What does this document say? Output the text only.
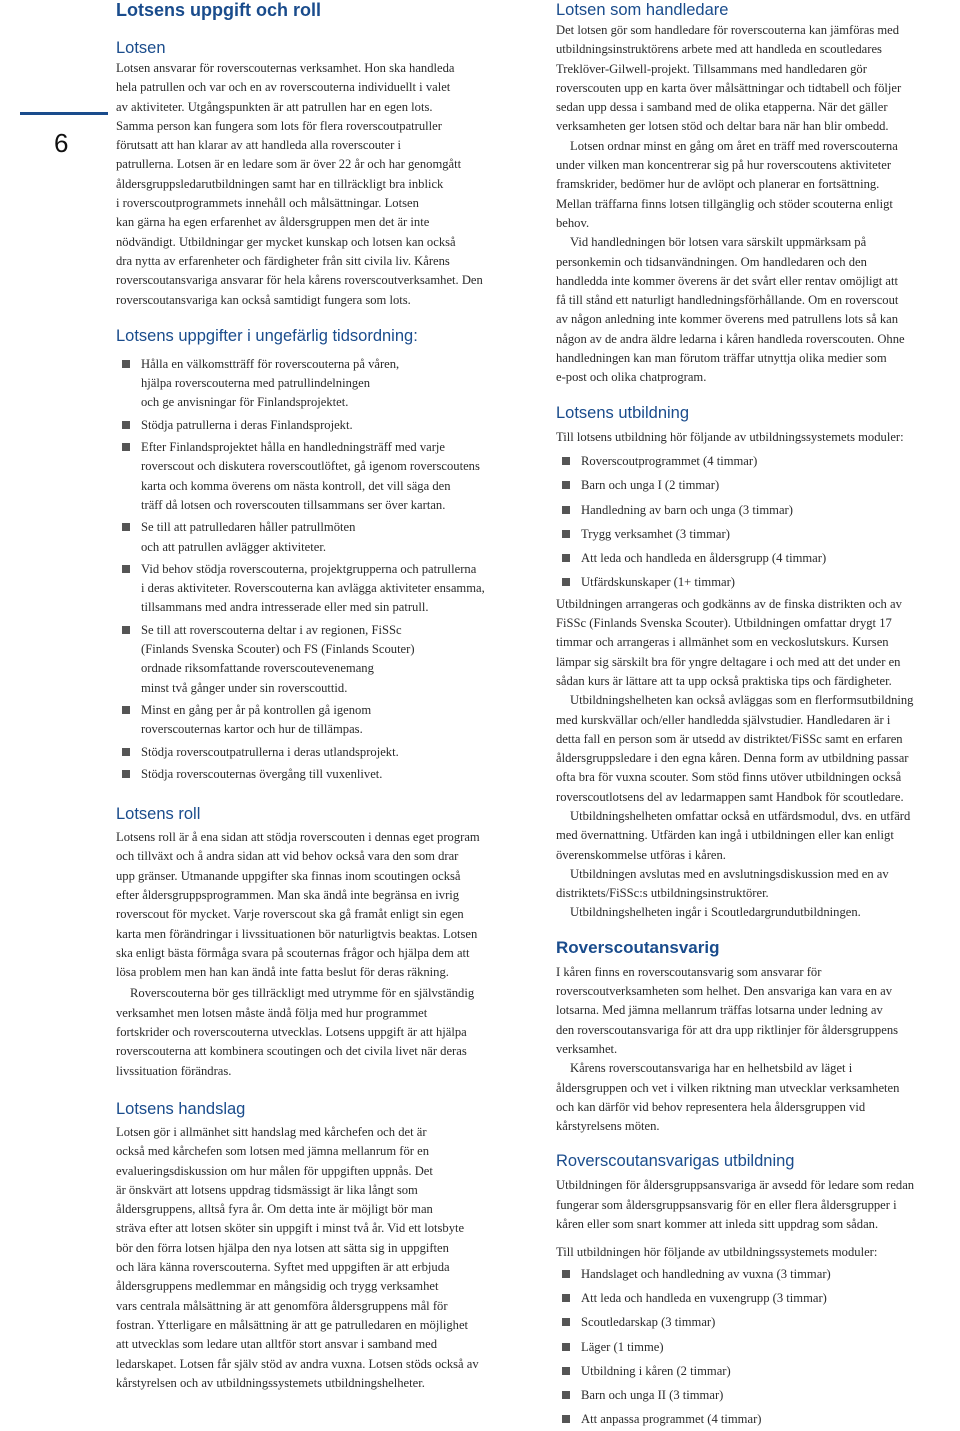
6
Lotsens uppgift och roll
Lotsen

Lotsen ansvarar för roverscouternas verksamhet. Hon ska handleda
hela patrullen och var och en av roverscouterna individuellt i valet
av aktiviteter. Utgångspunkten är att patrullen har en egen lots.
Samma person kan fungera som lots för flera roverscoutpatruller
förutsatt att han klarar av att handleda alla roverscouter i
patrullerna. Lotsen är en ledare som är över 22 år och har genomgått
åldersgruppsledarutbildningen samt har en tillräckligt bra inblick
i roverscoutprogrammets innehåll och målsättningar. Lotsen
kan gärna ha egen erfarenhet av åldersgruppen men det är inte
nödvändigt. Utbildningar ger mycket kunskap och lotsen kan också
dra nytta av erfarenheter och färdigheter från sitt civila liv. Kårens
roverscoutansvariga ansvarar för hela kårens roverscoutverksamhet. Den
roverscoutansvariga kan också samtidigt fungera som lots.

Lotsens uppgifter i ungefärlig tidsordning:
Hålla en välkomstträff för roverscouterna på våren,
hjälpa roverscouterna med patrullindelningen
och ge anvisningar för Finlandsprojektet.
Stödja patrullerna i deras Finlandsprojekt.
Efter Finlandsprojektet hålla en handledningsträff med varje
roverscout och diskutera roverscoutlöftet, gå igenom roverscoutens
karta och komma överens om nästa kontroll, det vill säga den
träff då lotsen och roverscouten tillsammans ser över kartan.
Se till att patrulledaren håller patrullmöten
och att patrullen avlägger aktiviteter.
Vid behov stödja roverscouterna, projektgrupperna och patrullerna
i deras aktiviteter. Roverscouterna kan avlägga aktiviteter ensamma,
tillsammans med andra intresserade eller med sin patrull.
Se till att roverscouterna deltar i av regionen, FiSSc
(Finlands Svenska Scouter) och FS (Finlands Scouter)
ordnade riksomfattande roverscoutevenemang
minst två gånger under sin roverscouttid.
Minst en gång per år på kontrollen gå igenom
roverscouternas kartor och hur de tillämpas.
Stödja roverscoutpatrullerna i deras utlandsprojekt.
Stödja roverscouternas övergång till vuxenlivet.
Lotsens roll

Lotsens roll är å ena sidan att stödja roverscouten i dennas eget program
och tillväxt och å andra sidan att vid behov också vara den som drar
upp gränser. Utmanande uppgifter ska finnas inom scoutingen också
efter åldersgruppsprogrammen. Man ska ändå inte begränsa en ivrig
roverscout för mycket. Varje roverscout ska gå framåt enligt sin egen
karta men förändringar i livssituationen bör naturligtvis beaktas. Lotsen
ska enligt bästa förmåga svara på scouternas frågor och hjälpa dem att
lösa problem men han kan ändå inte fatta beslut för deras räkning.

Roverscouterna bör ges tillräckligt med utrymme för en självständig
verksamhet men lotsen måste ändå följa med hur programmet
fortskrider och roverscouterna utvecklas. Lotsens uppgift är att hjälpa
roverscouterna att kombinera scoutingen och det civila livet när deras
livssituation förändras.

Lotsens handslag

Lotsen gör i allmänhet sitt handslag med kårchefen och det är
också med kårchefen som lotsen med jämna mellanrum för en
evalueringsdiskussion om hur målen för uppgiften uppnås. Det
är önskvärt att lotsens uppdrag tidsmässigt är lika långt som
åldersgruppens, alltså fyra år. Om detta inte är möjligt bör man
sträva efter att lotsen sköter sin uppgift i minst två år. Vid ett lotsbyte
bör den förra lotsen hjälpa den nya lotsen att sätta sig in uppgiften
och lära känna roverscouterna. Syftet med uppgiften är att erbjuda
åldersgruppens medlemmar en mångsidig och trygg verksamhet
vars centrala målsättning är att genomföra åldersgruppens mål för
fostran. Ytterligare en målsättning är att ge patrulledaren en möjlighet
att utvecklas som ledare utan alltför stort ansvar i samband med
ledarskapet. Lotsen får själv stöd av andra vuxna. Lotsen stöds också av
kårstyrelsen och av utbildningssystemets utbildningshelheter.

Lotsen som handledare

Det lotsen gör som handledare för roverscouterna kan jämföras med
utbildningsinstruktörens arbete med att handleda en scoutledares
Treklöver-Gilwell-projekt. Tillsammans med handledaren gör
roverscouten upp en karta över målsättningar och tidtabell och följer
sedan upp dessa i samband med de olika etapperna. När det gäller
verksamheten ger lotsen stöd och deltar bara när han blir ombedd.

Lotsen ordnar minst en gång om året en träff med roverscouterna
under vilken man koncentrerar sig på hur roverscoutens aktiviteter
framskrider, bedömer hur de avlöpt och planerar en fortsättning.
Mellan träffarna finns lotsen tillgänglig och stöder scouterna enligt
behov.

Vid handledningen bör lotsen vara särskilt uppmärksam på
personkemin och tidsanvändningen. Om handledaren och den
handledda inte kommer överens är det svårt eller rentav omöjligt att
få till stånd ett naturligt handledningsförhållande. Om en roverscout
av någon anledning inte kommer överens med patrullens lots så kan
någon av de andra äldre ledarna i kåren handleda roverscouten. Ohne
handledningen kan man förutom träffar utnyttja olika medier som
e-post och olika chatprogram.

Lotsens utbildning

Till lotsens utbildning hör följande av utbildningssystemets moduler:

Roverscoutprogrammet (4 timmar)
Barn och unga I (2 timmar)
Handledning av barn och unga (3 timmar)
Trygg verksamhet (3 timmar)
Att leda och handleda en åldersgrupp (4 timmar)
Utfärdskunskaper (1+ timmar)

Utbildningen arrangeras och godkänns av de finska distrikten och av
FiSSc (Finlands Svenska Scouter). Utbildningen omfattar drygt 17
timmar och arrangeras i allmänhet som en veckoslutskurs. Kursen
lämpar sig särskilt bra för yngre deltagare i och med att det under en
sådan kurs är lättare att ta upp också praktiska tips och färdigheter.

Utbildningshelheten kan också avläggas som en flerformsutbildning
med kurskvällar och/eller handledda självstudier. Handledaren är i
detta fall en person som är utsedd av distriktet/FiSSc samt en erfaren
åldersgruppsledare i den egna kåren. Denna form av utbildning passar
ofta bra för vuxna scouter. Som stöd finns utöver utbildningen också
roverscoutlotsens del av ledarmappen samt Handbok för scoutledare.

Utbildningshelheten omfattar också en utfärdsmodul, dvs. en utfärd
med övernattning. Utfärden kan ingå i utbildningen eller kan enligt
överenskommelse utföras i kåren.

Utbildningen avslutas med en avslutningsdiskussion med en av
distriktets/FiSSc:s utbildningsinstruktörer.

Utbildningshelheten ingår i Scoutledargrundutbildningen.

Roverscoutansvarig

I kåren finns en roverscoutansvarig som ansvarar för
roverscoutverksamheten som helhet. Den ansvariga kan vara en av
lotsarna. Med jämna mellanrum träffas lotsarna under ledning av
den roverscoutansvariga för att dra upp riktlinjer för åldersgruppens
verksamhet.

Kårens roverscoutansvariga har en helhetsbild av läget i
åldersgruppen och vet i vilken riktning man utvecklar verksamheten
och kan därför vid behov representera hela åldersgruppen vid
kårstyrelsens möten.

Roverscoutansvarigas utbildning

Utbildningen för åldersgruppsansvariga är avsedd för ledare som redan
fungerar som åldersgruppsansvarig för en eller flera åldersgrupper i
kåren eller som snart kommer att inleda sitt uppdrag som sådan.

Till utbildningen hör följande av utbildningssystemets moduler:

Handslaget och handledning av vuxna (3 timmar)
Att leda och handleda en vuxengrupp (3 timmar)
Scoutledarskap (3 timmar)
Läger (1 timme)
Utbildning i kåren (2 timmar)
Barn och unga II (3 timmar)
Att anpassa programmet (4 timmar)
